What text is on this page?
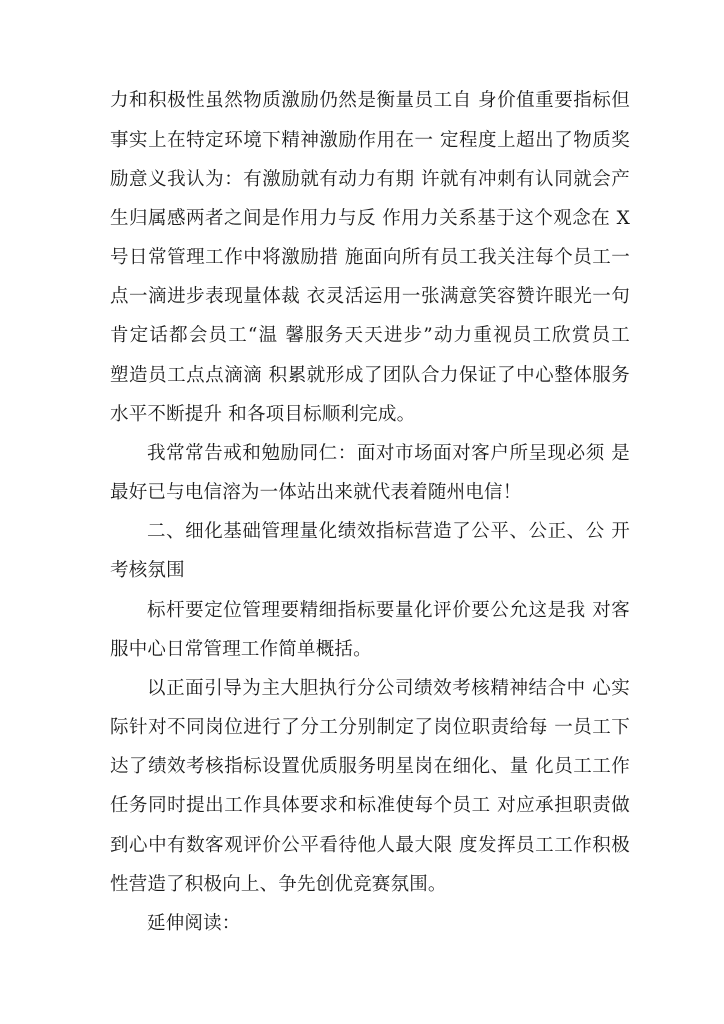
力和积极性虽然物质激励仍然是衡量员工自 身价值重要指标但
事实上在特定环境下精神激励作用在一 定程度上超出了物质奖
励意义我认为：有激励就有动力有期 许就有冲刺有认同就会产
生归属感两者之间是作用力与反 作用力关系基于这个观念在 X
号日常管理工作中将激励措 施面向所有员工我关注每个员工一
点一滴进步表现量体裁 衣灵活运用一张满意笑容赞许眼光一句
肯定话都会员工“温 馨服务天天进步”动力重视员工欣赏员工
塑造员工点点滴滴 积累就形成了团队合力保证了中心整体服务
水平不断提升 和各项目标顺利完成。
我常常告戒和勉励同仁：面对市场面对客户所呈现必须 是
最好已与电信溶为一体站出来就代表着随州电信！
二、细化基础管理量化绩效指标营造了公平、公正、公 开
考核氛围
标杆要定位管理要精细指标要量化评价要公允这是我 对客
服中心日常管理工作简单概括。
以正面引导为主大胆执行分公司绩效考核精神结合中 心实
际针对不同岗位进行了分工分别制定了岗位职责给每 一员工下
达了绩效考核指标设置优质服务明星岗在细化、量 化员工工作
任务同时提出工作具体要求和标准使每个员工 对应承担职责做
到心中有数客观评价公平看待他人最大限 度发挥员工工作积极
性营造了积极向上、争先创优竞赛氛围。
延伸阅读：
